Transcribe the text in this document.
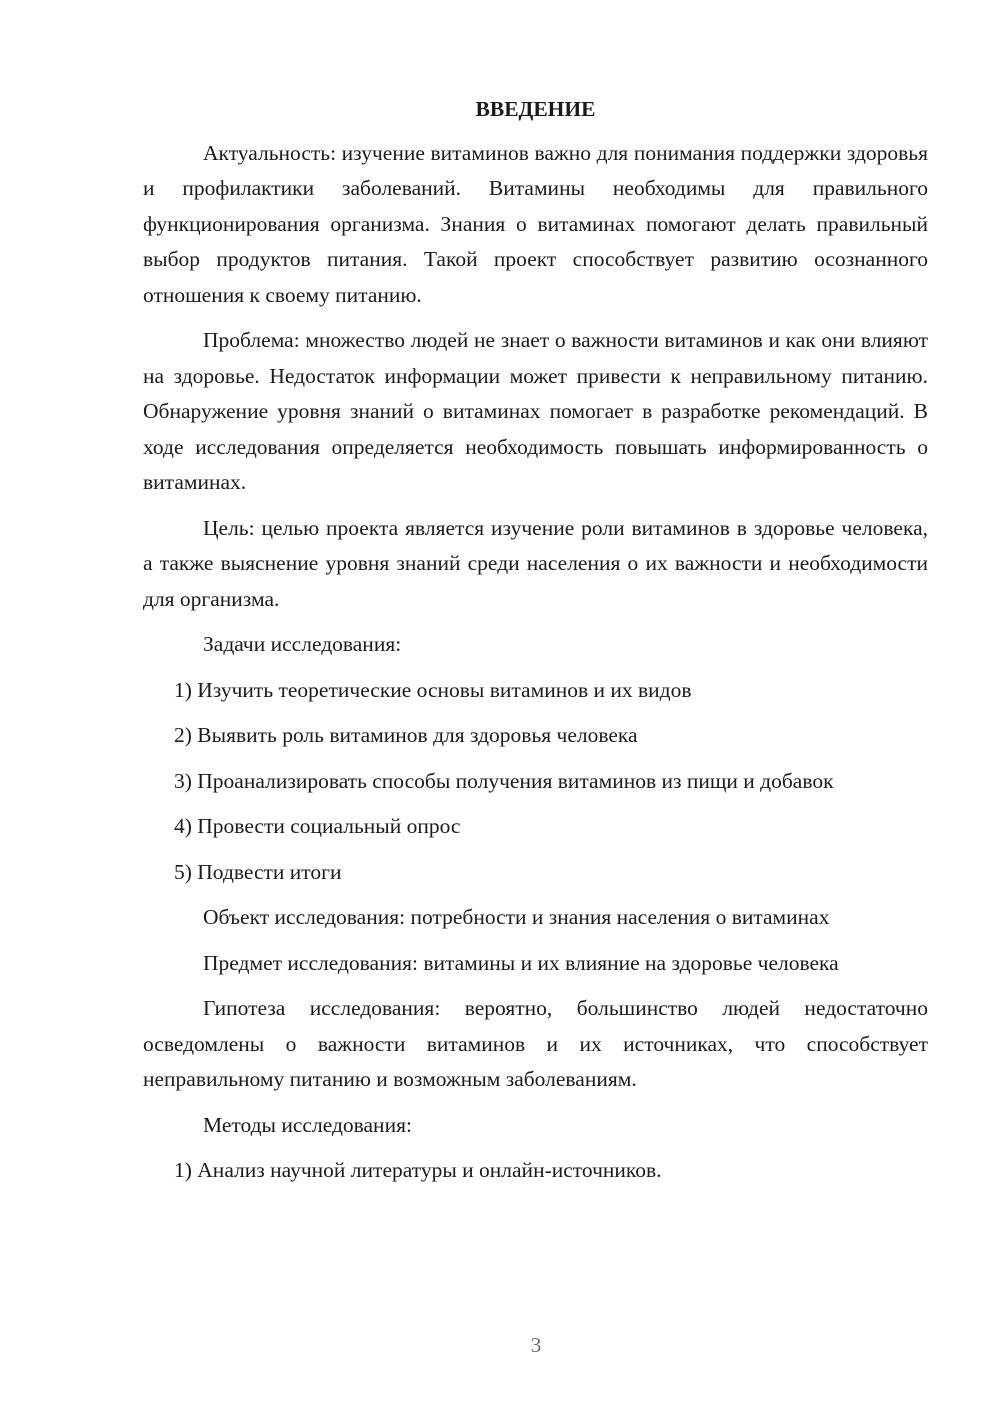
ВВЕДЕНИЕ

Актуальность: изучение витаминов важно для понимания поддержки здоровья и профилактики заболеваний. Витамины необходимы для правильного функционирования организма. Знания о витаминах помогают делать правильный выбор продуктов питания. Такой проект способствует развитию осознанного отношения к своему питанию.

Проблема: множество людей не знает о важности витаминов и как они влияют на здоровье. Недостаток информации может привести к неправильному питанию. Обнаружение уровня знаний о витаминах помогает в разработке рекомендаций. В ходе исследования определяется необходимость повышать информированность о витаминах.

Цель: целью проекта является изучение роли витаминов в здоровье человека, а также выяснение уровня знаний среди населения о их важности и необходимости для организма.

Задачи исследования:

1) Изучить теоретические основы витаминов и их видов

2) Выявить роль витаминов для здоровья человека

3) Проанализировать способы получения витаминов из пищи и добавок

4) Провести социальный опрос

5) Подвести итоги

Объект исследования: потребности и знания населения о витаминах

Предмет исследования: витамины и их влияние на здоровье человека

Гипотеза исследования: вероятно, большинство людей недостаточно осведомлены о важности витаминов и их источниках, что способствует неправильному питанию и возможным заболеваниям.

Методы исследования:

1) Анализ научной литературы и онлайн-источников.

3
